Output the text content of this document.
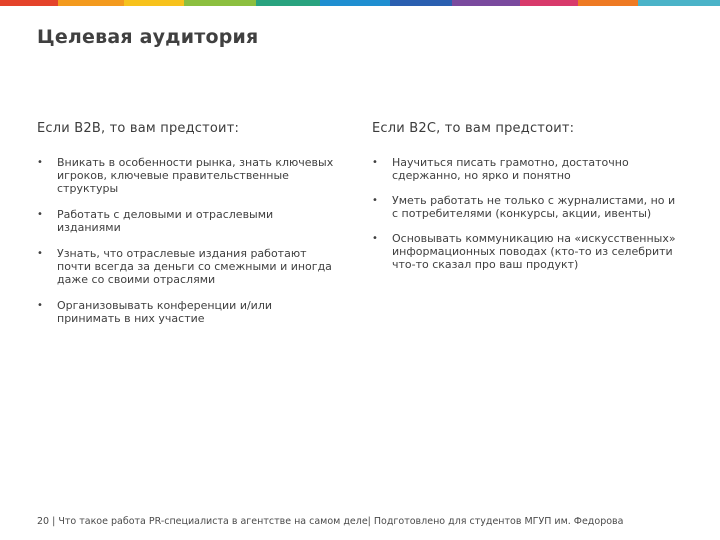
Целевая аудитория
Если B2B, то вам предстоит:
• Вникать в особенности рынка, знать ключевых игроков, ключевые правительственные структуры
• Работать с деловыми и отраслевыми изданиями
• Узнать, что отраслевые издания работают почти всегда за деньги со смежными и иногда даже со своими отраслями
• Организовывать конференции и/или принимать в них участие
Если B2C, то вам предстоит:
• Научиться писать грамотно, достаточно сдержанно, но ярко и понятно
• Уметь работать не только с журналистами, но и с потребителями (конкурсы, акции, ивенты)
• Основывать коммуникацию на «искусственных» информационных поводах (кто-то из селебрити что-то сказал про ваш продукт)
20 | Что такое работа PR-специалиста в агентстве на самом деле| Подготовлено для студентов МГУП им. Федорова
